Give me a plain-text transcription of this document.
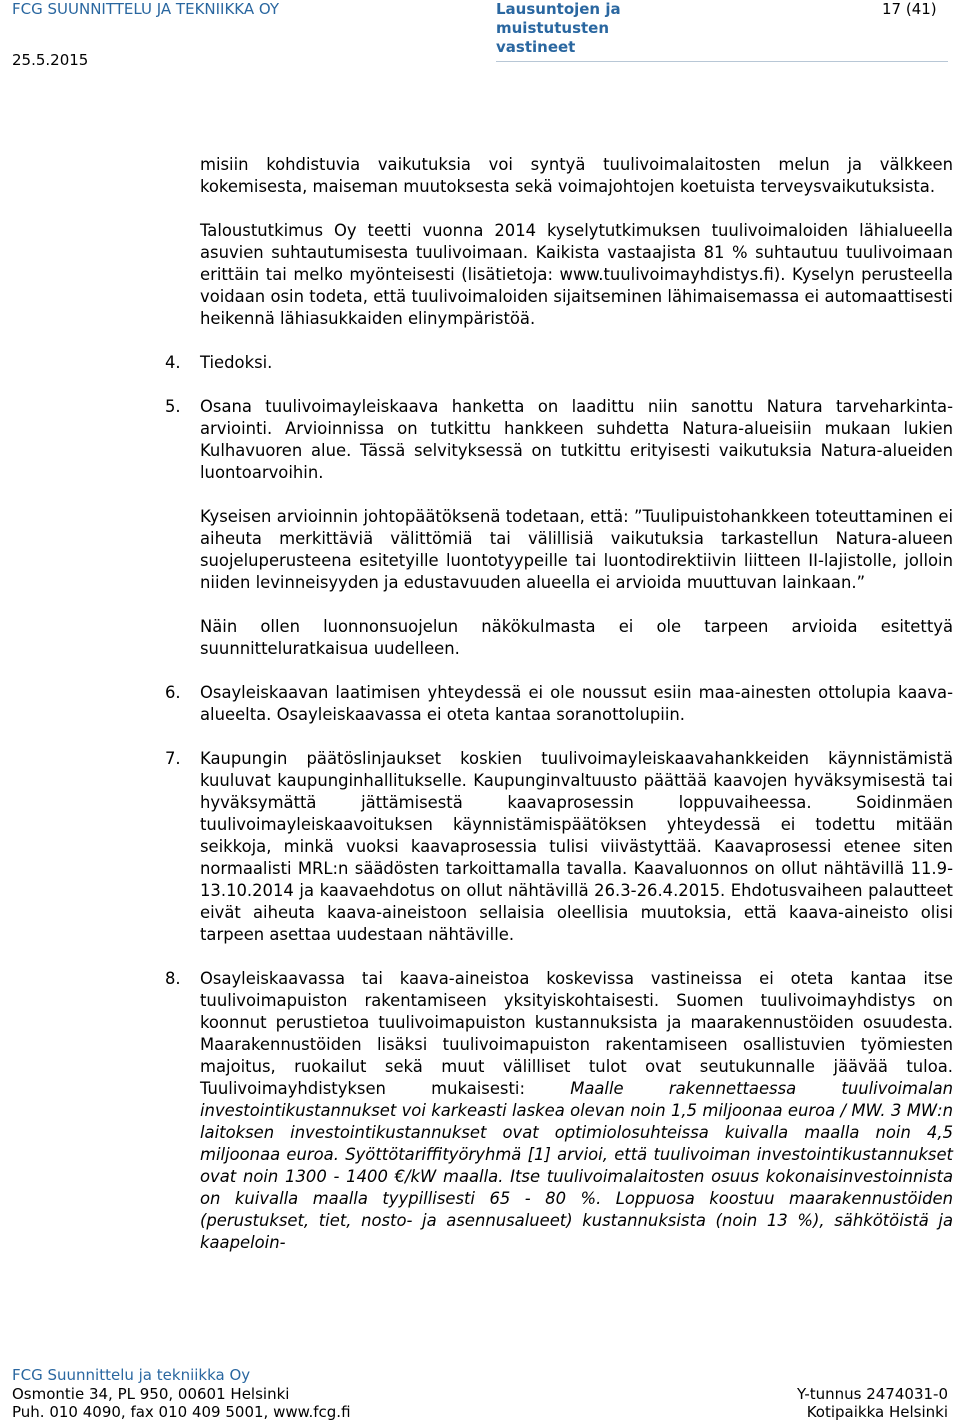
FCG SUUNNITTELU JA TEKNIIKKA OY	Lausuntojen ja muistutusten vastineet
17 (41)
25.5.2015

misiin kohdistuvia vaikutuksia voi syntyä tuulivoimalaitosten melun ja välkkeen kokemisesta, maiseman muutoksesta sekä voimajohtojen koetuista terveysvaikutuksista.

Taloustutkimus Oy teetti vuonna 2014 kyselytutkimuksen tuulivoimaloiden lähialueella asuvien suhtautumisesta tuulivoimaan. Kaikista vastaajista 81 % suhtautuu tuulivoimaan erittäin tai melko myönteisesti (lisätietoja: www.tuulivoimayhdistys.fi). Kyselyn perusteella voidaan osin todeta, että tuulivoimaloiden sijaitseminen lähimaisemassa ei automaattisesti heikennä lähiasukkaiden elinympäristöä.

4. Tiedoksi.

5. Osana tuulivoimayleiskaava hanketta on laadittu niin sanottu Natura tarveharkinta-arviointi. Arvioinnissa on tutkittu hankkeen suhdetta Natura-alueisiin mukaan lukien Kulhavuoren alue. Tässä selvityksessä on tutkittu erityisesti vaikutuksia Natura-alueiden luontoarvoihin.

Kyseisen arvioinnin johtopäätöksenä todetaan, että: ”Tuulipuistohankkeen toteuttaminen ei aiheuta merkittäviä välittömiä tai välillisiä vaikutuksia tarkastellun Natura-alueen suojeluperusteena esitetyille luontotyypeille tai luontodirektiivin liitteen II-lajistolle, jolloin niiden levinneisyyden ja edustavuuden alueella ei arvioida muuttuvan lainkaan.”

Näin ollen luonnonsuojelun näkökulmasta ei ole tarpeen arvioida esitettyä suunnitteluratkaisua uudelleen.

6. Osayleiskaavan laatimisen yhteydessä ei ole noussut esiin maa-ainesten ottolupia kaava-alueelta. Osayleiskaavassa ei oteta kantaa soranottolupiin.

7. Kaupungin päätöslinjaukset koskien tuulivoimayleiskaavahankkeiden käynnistämistä kuuluvat kaupunginhallitukselle. Kaupunginvaltuusto päättää kaavojen hyväksymisestä tai hyväksymättä jättämisestä kaavaprosessin loppuvaiheessa. Soidinmäen tuulivoimayleiskaavoituksen käynnistämispäätöksen yhteydessä ei todettu mitään seikkoja, minkä vuoksi kaavaprosessia tulisi viivästyttää. Kaavaprosessi etenee siten normaalisti MRL:n säädösten tarkoittamalla tavalla. Kaavaluonnos on ollut nähtävillä 11.9-13.10.2014 ja kaavaehdotus on ollut nähtävillä 26.3-26.4.2015. Ehdotusvaiheen palautteet eivät aiheuta kaava-aineistoon sellaisia oleellisia muutoksia, että kaava-aineisto olisi tarpeen asettaa uudestaan nähtäville.

8. Osayleiskaavassa tai kaava-aineistoa koskevissa vastineissa ei oteta kantaa itse tuulivoimapuiston rakentamiseen yksityiskohtaisesti. Suomen tuulivoimayhdistys on koonnut perustietoa tuulivoimapuiston kustannuksista ja maarakennustöiden osuudesta. Maarakennustöiden lisäksi tuulivoimapuiston rakentamiseen osallistuvien työmiesten majoitus, ruokailut sekä muut välilliset tulot ovat seutukunnalle jäävää tuloa. Tuulivoimayhdistyksen mukaisesti: Maalle rakennettaessa tuulivoimalan investointikustannukset voi karkeasti laskea olevan noin 1,5 miljoonaa euroa / MW. 3 MW:n laitoksen investointikustannukset ovat optimiolosuhteissa kuivalla maalla noin 4,5 miljoonaa euroa. Syöttötariffityöryhmä [1] arvioi, että tuulivoiman investointikustannukset ovat noin 1300 - 1400 €/kW maalla. Itse tuulivoimalaitosten osuus kokonaisinvestoinnista on kuivalla maalla tyypillisesti 65 - 80 %. Loppuosa koostuu maarakennustöiden (perustukset, tiet, nosto- ja asennusalueet) kustannuksista (noin 13 %), sähkötöistä ja kaapeloin-

FCG Suunnittelu ja tekniikka Oy
Osmontie 34, PL 950, 00601 Helsinki
Puh. 010 4090, fax 010 409 5001, www.fcg.fi
Y-tunnus 2474031-0
Kotipaikka Helsinki
